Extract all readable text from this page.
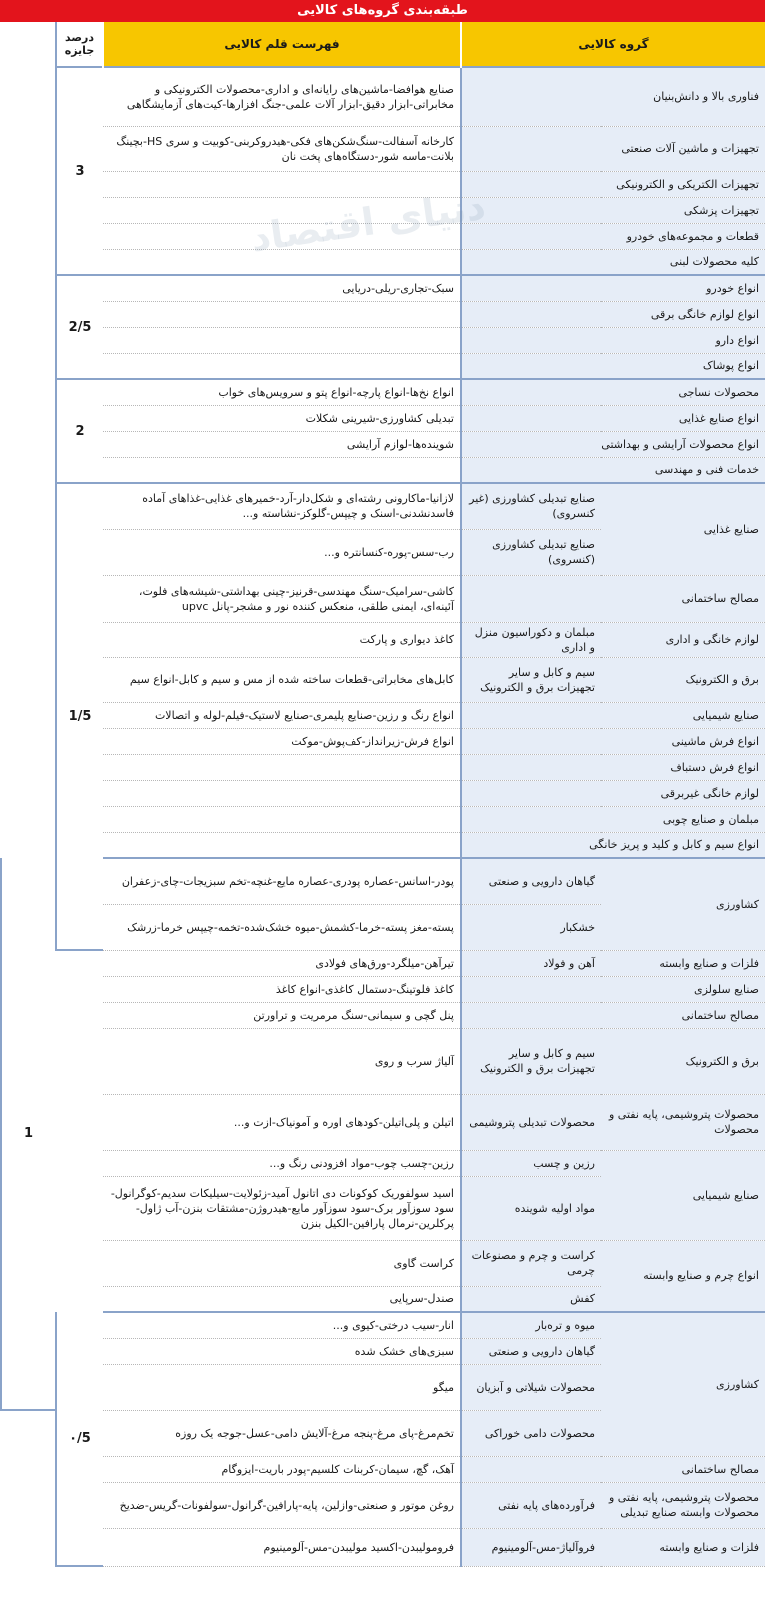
طبقه‌بندی گروه‌های کالایی
گروه کالایی		فهرست قلم کالایی	درصد جایزه	
فناوری بالا و دانش‌بنیان		صنایع هوافضا-ماشین‌های رایانه‌ای و اداری-محصولات الکترونیکی و مخابراتی-ابزار دقیق-ابزار آلات علمی-جنگ افزارها-کیت‌های آزمایشگاهی	3	
تجهیزات و ماشین آلات صنعتی		کارخانه آسفالت-سنگ‌شکن‌های فکی-هیدروکربنی-کوبیت و سری HS-بچینگ بلانت-ماسه شور-دستگاه‌های پخت نان		
تجهیزات الکتریکی و الکترونیکی				
تجهیزات پزشکی				
قطعات و مجموعه‌های خودرو				
کلیه محصولات لبنی				
انواع خودرو		سبک-تجاری-ریلی-دریایی	2/5	
انواع لوازم خانگی برقی				
انواع دارو				
انواع پوشاک				
محصولات نساجی		انواع نخ‌ها-انواع پارچه-انواع پتو و سرویس‌های خواب	2	
انواع صنایع غذایی		تبدیلی کشاورزی-شیرینی شکلات		
انواع محصولات آرایشی و بهداشتی		شوینده‌ها-لوازم آرایشی		
خدمات فنی و مهندسی				
صنایع غذایی	صنایع تبدیلی کشاورزی (غیر کنسروی)	لازانیا-ماکارونی رشته‌ای و شکل‌دار-آرد-خمیرهای غذایی-غذاهای آماده فاسدنشدنی-اسنک و چیپس-گلوکز-نشاسته و...	1/5	
	صنایع تبدیلی کشاورزی (کنسروی)	رب-سس-پوره-کنسانتره و...		
مصالح ساختمانی		کاشی-سرامیک-سنگ مهندسی-قرنیز-چینی بهداشتی-شیشه‌های فلوت، آئینه‌ای، ایمنی طلقی، منعکس کننده نور و مشجر-پانل upvc		
لوازم خانگی و اداری	مبلمان و دکوراسیون منزل و اداری	کاغذ دیواری و پارکت		
برق و الکترونیک	سیم و کابل و سایر تجهیزات برق و الکترونیک	کابل‌های مخابراتی-قطعات ساخته شده از مس و سیم و کابل-انواع سیم		
صنایع شیمیایی		انواع رنگ و رزین-صنایع پلیمری-صنایع لاستیک-فیلم-لوله و اتصالات		
انواع فرش ماشینی		انواع فرش-زیرانداز-کف‌پوش-موکت		
انواع فرش دستباف				
لوازم خانگی غیربرقی				
مبلمان و صنایع چوبی				
انواع سیم و کابل و کلید و پریز خانگی				
کشاورزی	گیاهان دارویی و صنعتی	پودر-اسانس-عصاره پودری-عصاره مایع-غنچه-تخم سبزیجات-چای-زعفران		1
	خشکبار	پسته-مغز پسته-خرما-کشمش-میوه خشک‌شده-تخمه-چیپس خرما-زرشک		
فلزات و صنایع وابسته	آهن و فولاد	تیرآهن-میلگرد-ورق‌های فولادی		
صنایع سلولزی		کاغذ فلوتینگ-دستمال کاغذی-انواع کاغذ		
مصالح ساختمانی		پنل گچی و سیمانی-سنگ مرمریت و تراورتن		
برق و الکترونیک	سیم و کابل و سایر تجهیزات برق و الکترونیک	آلیاژ سرب و روی		
محصولات پتروشیمی، پایه نفتی و محصولات	محصولات تبدیلی پتروشیمی	اتیلن و پلی‌اتیلن-کودهای اوره و آمونیاک-ازت و...		
صنایع شیمیایی	رزین و چسب	رزین-چسب چوب-مواد افزودنی رنگ و...		
	مواد اولیه شوینده	اسید سولفوریک کوکونات دی اتانول آمید-زئولایت-سیلیکات سدیم-کوگرانول-سود سوزآور برک-سود سوز‌آور مایع-هیدروژن-مشتقات بنزن-آب ژاول-پرکلرین-نرمال پارافین-الکیل بنزن		
انواع چرم و صنایع وابسته	کراست و چرم و مصنوعات چرمی	کراست گاوی		
	کفش	صندل-سرپایی		
کشاورزی	میوه و تره‌بار	انار-سیب درختی-کیوی و...	۰/5	
	گیاهان دارویی و صنعتی	سبزی‌های خشک شده		
	محصولات شیلاتی و آبزیان	میگو		
	محصولات دامی خوراکی	تخم‌مرغ-پای مرغ-پنجه مرغ-آلایش دامی-عسل-جوجه یک روزه		
مصالح ساختمانی		آهک، گچ، سیمان-کربنات کلسیم-پودر باریت-ایزوگام		
محصولات پتروشیمی، پایه نفتی و محصولات وابسته صنایع تبدیلی	فرآورده‌های پایه نفتی	روغن موتور و صنعتی-وازلین، پایه-پارافین-گرانول-سولفونات-گریس-ضدیخ		
فلزات و صنایع وابسته	فروآلیاژ-مس-آلومینیوم	فرومولیبدن-اکسید مولیبدن-مس-آلومینیوم		
